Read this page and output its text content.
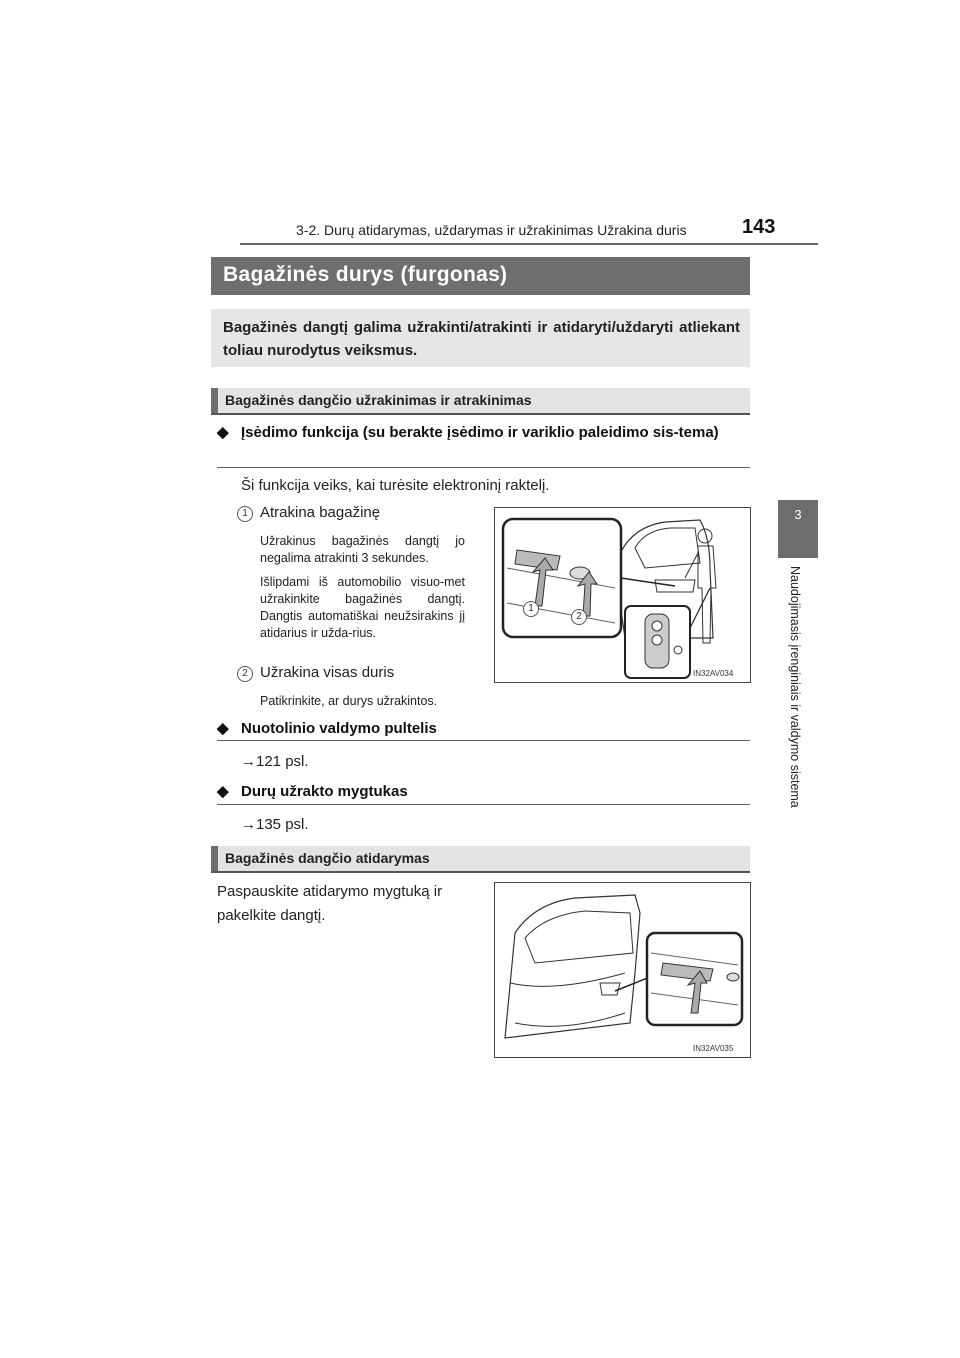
3-2. Durų atidarymas, uždarymas ir užrakinimas Užrakina duris	143
3
Naudojimasis įrenginiais ir valdymo sistema
Bagažinės durys (furgonas)

Bagažinės dangtį galima užrakinti/atrakinti ir atidaryti/uždaryti atliekant toliau nurodytus veiksmus.

Bagažinės dangčio užrakinimas ir atrakinimas
◆ Įsėdimo funkcija (su berakte įsėdimo ir variklio paleidimo sis-tema)
Ši funkcija veiks, kai turėsite elektroninį raktelį.
1 Atrakina bagažinę
Užrakinus bagažinės dangtį jo negalima atrakinti 3 sekundes.
Išlipdami iš automobilio visuo-met užrakinkite bagažinės dangtį. Dangtis automatiškai neužsirakins jį atidarius ir užda-rius.
2 Užrakina visas duris
Patikrinkite, ar durys užrakintos.
1
2
IN32AV034
◆ Nuotolinio valdymo pultelis
→121 psl.
◆ Durų užrakto mygtukas
→135 psl.
Bagažinės dangčio atidarymas
Paspauskite atidarymo mygtuką ir pakelkite dangtį.
IN32AV035
